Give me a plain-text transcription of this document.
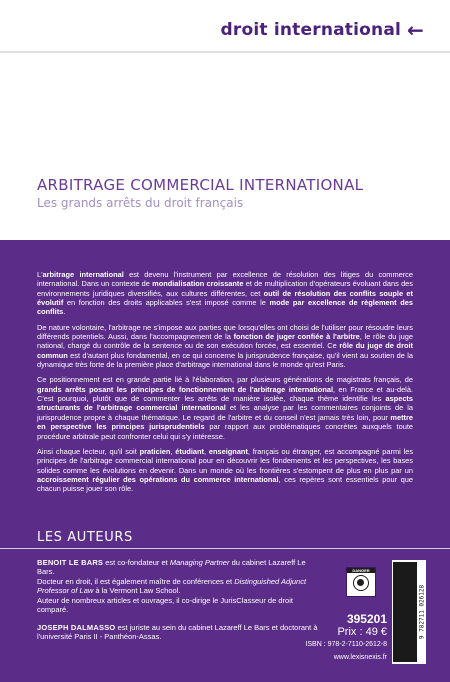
droit international ←
ARBITRAGE COMMERCIAL INTERNATIONAL
Les grands arrêts du droit français

L'arbitrage international est devenu l'instrument par excellence de résolution des litiges du commerce international. Dans un contexte de mondialisation croissante et de multiplication d'opérateurs évoluant dans des environnements juridiques diversifiés, aux cultures différentes, cet outil de résolution des conflits souple et évolutif en fonction des droits applicables s'est imposé comme le mode par excellence de règlement des conflits.

De nature volontaire, l'arbitrage ne s'impose aux parties que lorsqu'elles ont choisi de l'utiliser pour résoudre leurs différends potentiels. Aussi, dans l'accompagnement de la fonction de juger confiée à l'arbitre, le rôle du juge national, chargé du contrôle de la sentence ou de son exécution forcée, est essentiel. Ce rôle du juge de droit commun est d'autant plus fondamental, en ce qui concerne la jurisprudence française, qu'il vient au soutien de la dynamique très forte de la première place d'arbitrage international dans le monde qu'est Paris.

Ce positionnement est en grande partie lié à l'élaboration, par plusieurs générations de magistrats français, de grands arrêts posant les principes de fonctionnement de l'arbitrage international, en France et au-delà. C'est pourquoi, plutôt que de commenter les arrêts de manière isolée, chaque thème identifie les aspects structurants de l'arbitrage commercial international et les analyse par les commentaires conjoints de la jurisprudence propre à chaque thématique. Le regard de l'arbitre et du conseil n'est jamais très loin, pour mettre en perspective les principes jurisprudentiels par rapport aux problématiques concrètes auxquels toute procédure arbitrale peut confronter celui qui s'y intéresse.

Ainsi chaque lecteur, qu'il soit praticien, étudiant, enseignant, français ou étranger, est accompagné parmi les principes de l'arbitrage commercial international pour en découvrir les fondements et les perspectives, les bases solides comme les évolutions en devenir. Dans un monde où les frontières s'estompent de plus en plus par un accroissement régulier des opérations du commerce international, ces repères sont essentiels pour que chacun puisse jouer son rôle.

LES AUTEURS
BENOIT LE BARS est co-fondateur et Managing Partner du cabinet Lazareff Le Bars.
Docteur en droit, il est également maître de conférences et Distinguished Adjunct Professor of Law à la Vermont Law School.
Auteur de nombreux articles et ouvrages, il co-dirige le JurisClasseur de droit comparé.
JOSEPH DALMASSO est juriste au sein du cabinet Lazareff Le Bars et doctorant à l'université Paris II - Panthéon-Assas.
DANGER
395201
Prix : 49 €
ISBN : 978-2-7110-2612-8
www.lexisnexis.fr
9 782711 026128
